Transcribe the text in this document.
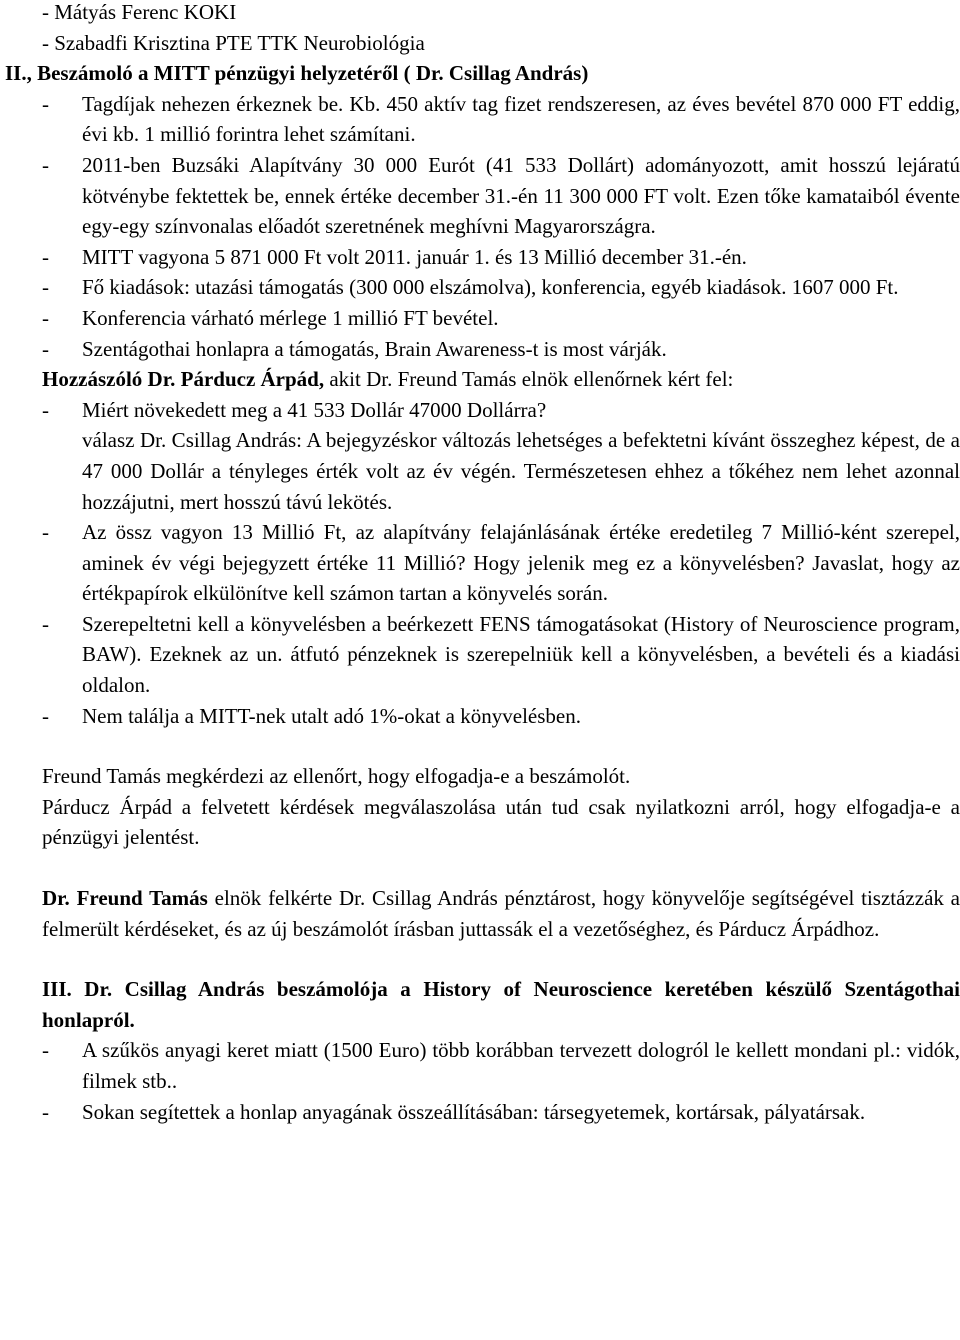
- Mátyás Ferenc KOKI

- Szabadfi Krisztina PTE TTK Neurobiológia

II., Beszámoló a MITT pénzügyi helyzetéről ( Dr. Csillag András)

- Tagdíjak nehezen érkeznek be. Kb. 450 aktív tag fizet rendszeresen, az éves bevétel 870 000 FT eddig, évi kb. 1 millió forintra lehet számítani.
- 2011-ben Buzsáki Alapítvány 30 000 Eurót (41 533 Dollárt) adományozott, amit hosszú lejáratú kötvénybe fektettek be, ennek értéke december 31.-én 11 300 000 FT volt. Ezen tőke kamataiból évente egy-egy színvonalas előadót szeretnének meghívni Magyarországra.
- MITT vagyona 5 871 000 Ft volt 2011. január 1. és 13 Millió december 31.-én.
- Fő kiadások: utazási támogatás (300 000 elszámolva), konferencia, egyéb kiadások. 1607 000 Ft.
- Konferencia várható mérlege 1 millió FT bevétel.
- Szentágothai honlapra a támogatás, Brain Awareness-t is most várják.

Hozzászóló Dr. Párducz Árpád, akit Dr. Freund Tamás elnök ellenőrnek kért fel:

- Miért növekedett meg a 41 533 Dollár 47000 Dollárra?

válasz Dr. Csillag András: A bejegyzéskor változás lehetséges a befektetni kívánt összeghez képest, de a 47 000 Dollár a tényleges érték volt az év végén. Természetesen ehhez a tőkéhez nem lehet azonnal hozzájutni, mert hosszú távú lekötés.

- Az össz vagyon 13 Millió Ft, az alapítvány felajánlásának értéke eredetileg 7 Millió-ként szerepel, aminek év végi bejegyzett értéke 11 Millió? Hogy jelenik meg ez a könyvelésben? Javaslat, hogy az értékpapírok elkülönítve kell számon tartan a könyvelés során.
- Szerepeltetni kell a könyvelésben a beérkezett FENS támogatásokat (History of Neuroscience program, BAW). Ezeknek az un. átfutó pénzeknek is szerepelniük kell a könyvelésben, a bevételi és a kiadási oldalon.
- Nem találja a MITT-nek utalt adó 1%-okat a könyvelésben.

Freund Tamás megkérdezi az ellenőrt, hogy elfogadja-e a beszámolót.

Párducz Árpád a felvetett kérdések megválaszolása után tud csak nyilatkozni arról, hogy elfogadja-e a pénzügyi jelentést.

Dr. Freund Tamás elnök felkérte Dr. Csillag András pénztárost, hogy könyvelője segítségével tisztázzák a felmerült kérdéseket, és az új beszámolót írásban juttassák el a vezetőséghez, és Párducz Árpádhoz.

III. Dr. Csillag András beszámolója a History of Neuroscience keretében készülő Szentágothai honlapról.

- A szűkös anyagi keret miatt (1500 Euro) több korábban tervezett dologról le kellett mondani pl.: vidók, filmek stb..
- Sokan segítettek a honlap anyagának összeállításában: társegyetemek, kortársak, pályatársak.
